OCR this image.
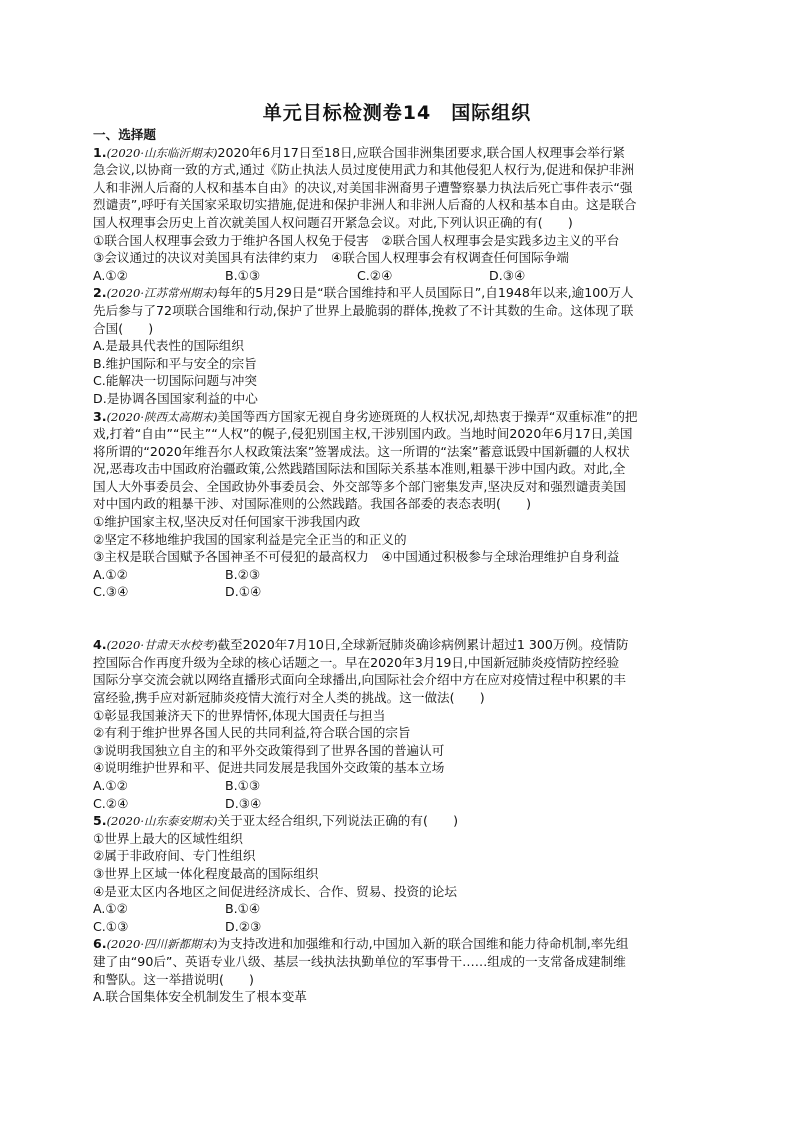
单元目标检测卷14　国际组织
一、选择题
1.(2020·山东临沂期末)2020年6月17日至18日,应联合国非洲集团要求,联合国人权理事会举行紧
急会议,以协商一致的方式,通过《防止执法人员过度使用武力和其他侵犯人权行为,促进和保护非洲
人和非洲人后裔的人权和基本自由》的决议,对美国非洲裔男子遭警察暴力执法后死亡事件表示“强
烈谴责”,呼吁有关国家采取切实措施,促进和保护非洲人和非洲人后裔的人权和基本自由。这是联合
国人权理事会历史上首次就美国人权问题召开紧急会议。对此,下列认识正确的有(　　)
①联合国人权理事会致力于维护各国人权免于侵害　②联合国人权理事会是实践多边主义的平台
③会议通过的决议对美国具有法律约束力　④联合国人权理事会有权调查任何国际争端
A.①②	B.①③	C.②④	D.③④
2.(2020·江苏常州期末)每年的5月29日是“联合国维持和平人员国际日”,自1948年以来,逾100万人
先后参与了72项联合国维和行动,保护了世界上最脆弱的群体,挽救了不计其数的生命。这体现了联
合国(　　)
A.是最具代表性的国际组织
B.维护国际和平与安全的宗旨
C.能解决一切国际问题与冲突
D.是协调各国国家利益的中心
3.(2020·陕西太高期末)美国等西方国家无视自身劣迹斑斑的人权状况,却热衷于操弄“双重标准”的把
戏,打着“自由”“民主”“人权”的幌子,侵犯别国主权,干涉别国内政。当地时间2020年6月17日,美国
将所谓的“2020年维吾尔人权政策法案”签署成法。这一所谓的“法案”蓄意诋毁中国新疆的人权状
况,恶毒攻击中国政府治疆政策,公然践踏国际法和国际关系基本准则,粗暴干涉中国内政。对此,全
国人大外事委员会、全国政协外事委员会、外交部等多个部门密集发声,坚决反对和强烈谴责美国
对中国内政的粗暴干涉、对国际准则的公然践踏。我国各部委的表态表明(　　)
①维护国家主权,坚决反对任何国家干涉我国内政
②坚定不移地维护我国的国家利益是完全正当的和正义的
③主权是联合国赋予各国神圣不可侵犯的最高权力　④中国通过积极参与全球治理维护自身利益
A.①②	B.②③
C.③④	D.①④
4.(2020·甘肃天水校考)截至2020年7月10日,全球新冠肺炎确诊病例累计超过1 300万例。疫情防
控国际合作再度升级为全球的核心话题之一。早在2020年3月19日,中国新冠肺炎疫情防控经验
国际分享交流会就以网络直播形式面向全球播出,向国际社会介绍中方在应对疫情过程中积累的丰
富经验,携手应对新冠肺炎疫情大流行对全人类的挑战。这一做法(　　)
①彰显我国兼济天下的世界情怀,体现大国责任与担当
②有利于维护世界各国人民的共同利益,符合联合国的宗旨
③说明我国独立自主的和平外交政策得到了世界各国的普遍认可
④说明维护世界和平、促进共同发展是我国外交政策的基本立场
A.①②	B.①③
C.②④	D.③④
5.(2020·山东泰安期末)关于亚太经合组织,下列说法正确的有(　　)
①世界上最大的区域性组织
②属于非政府间、专门性组织
③世界上区域一体化程度最高的国际组织
④是亚太区内各地区之间促进经济成长、合作、贸易、投资的论坛
A.①②	B.①④
C.①③	D.②③
6.(2020·四川新都期末)为支持改进和加强维和行动,中国加入新的联合国维和能力待命机制,率先组
建了由“90后”、英语专业八级、基层一线执法执勤单位的军事骨干……组成的一支常备成建制维
和警队。这一举措说明(　　)
A.联合国集体安全机制发生了根本变革
